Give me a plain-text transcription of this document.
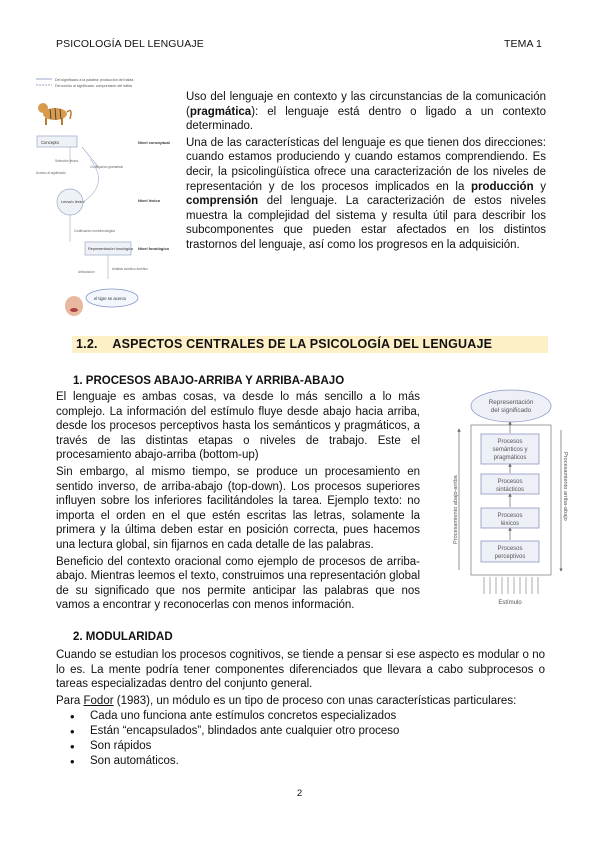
PSICOLOGÍA DEL LENGUAJE	TEMA 1
Del significado a la palabra: producción del habla
Del sonido al significado: comprensión del habla
Concepto	Nivel conceptual
Selección léxica
Codificación gramatical
Acceso al significado
Lema/o léxico	Nivel léxico
Codificación morfofonológica
Representación fonológica Nivel fonológico
Articulación
Análisis acústico-fonético
el tigre se acerca

Uso del lenguaje en contexto y las circunstancias de la comunicación (pragmática): el lenguaje está dentro o ligado a un contexto determinado.

Una de las características del lenguaje es que tienen dos direcciones: cuando estamos produciendo y cuando estamos comprendiendo. Es decir, la psicolingüística ofrece una caracterización de los niveles de representación y de los procesos implicados en la producción y comprensión del lenguaje. La caracterización de estos niveles muestra la complejidad del sistema y resulta útil para describir los subcomponentes que pueden estar afectados en los distintos trastornos del lenguaje, así como los progresos en la adquisición.

1.2. ASPECTOS CENTRALES DE LA PSICOLOGÍA DEL LENGUAJE
1. PROCESOS ABAJO-ARRIBA Y ARRIBA-ABAJO

El lenguaje es ambas cosas, va desde lo más sencillo a lo más complejo. La información del estímulo fluye desde abajo hacia arriba, desde los procesos perceptivos hasta los semánticos y pragmáticos, a través de las distintas etapas o niveles de trabajo. Este el procesamiento abajo-arriba (bottom-up)

Sin embargo, al mismo tiempo, se produce un procesamiento en sentido inverso, de arriba-abajo (top-down). Los procesos superiores influyen sobre los inferiores facilitándoles la tarea. Ejemplo texto: no importa el orden en el que estén escritas las letras, solamente la primera y la última deben estar en posición correcta, pues hacemos una lectura global, sin fijarnos en cada detalle de las palabras.

Beneficio del contexto oracional como ejemplo de procesos de arriba-abajo. Mientras leemos el texto, construimos una representación global de su significado que nos permite anticipar las palabras que nos vamos a encontrar y reconocerlas con menos información.

Representación
del significado
Procesos
semánticos y
pragmáticos
Procesos
sintácticos
Procesos
léxicos
Procesos
perceptivos
Procesamiento abajo-arriba	Procesamiento arriba-abajo
Estímulo
2. MODULARIDAD

Cuando se estudian los procesos cognitivos, se tiende a pensar si ese aspecto es modular o no lo es. La mente podría tener componentes diferenciados que llevara a cabo subprocesos o tareas especializadas dentro del conjunto general.

Para Fodor (1983), un módulo es un tipo de proceso con unas características particulares:

• Cada uno funciona ante estímulos concretos especializados
• Están “encapsulados”, blindados ante cualquier otro proceso
• Son rápidos
• Son automáticos.
2
